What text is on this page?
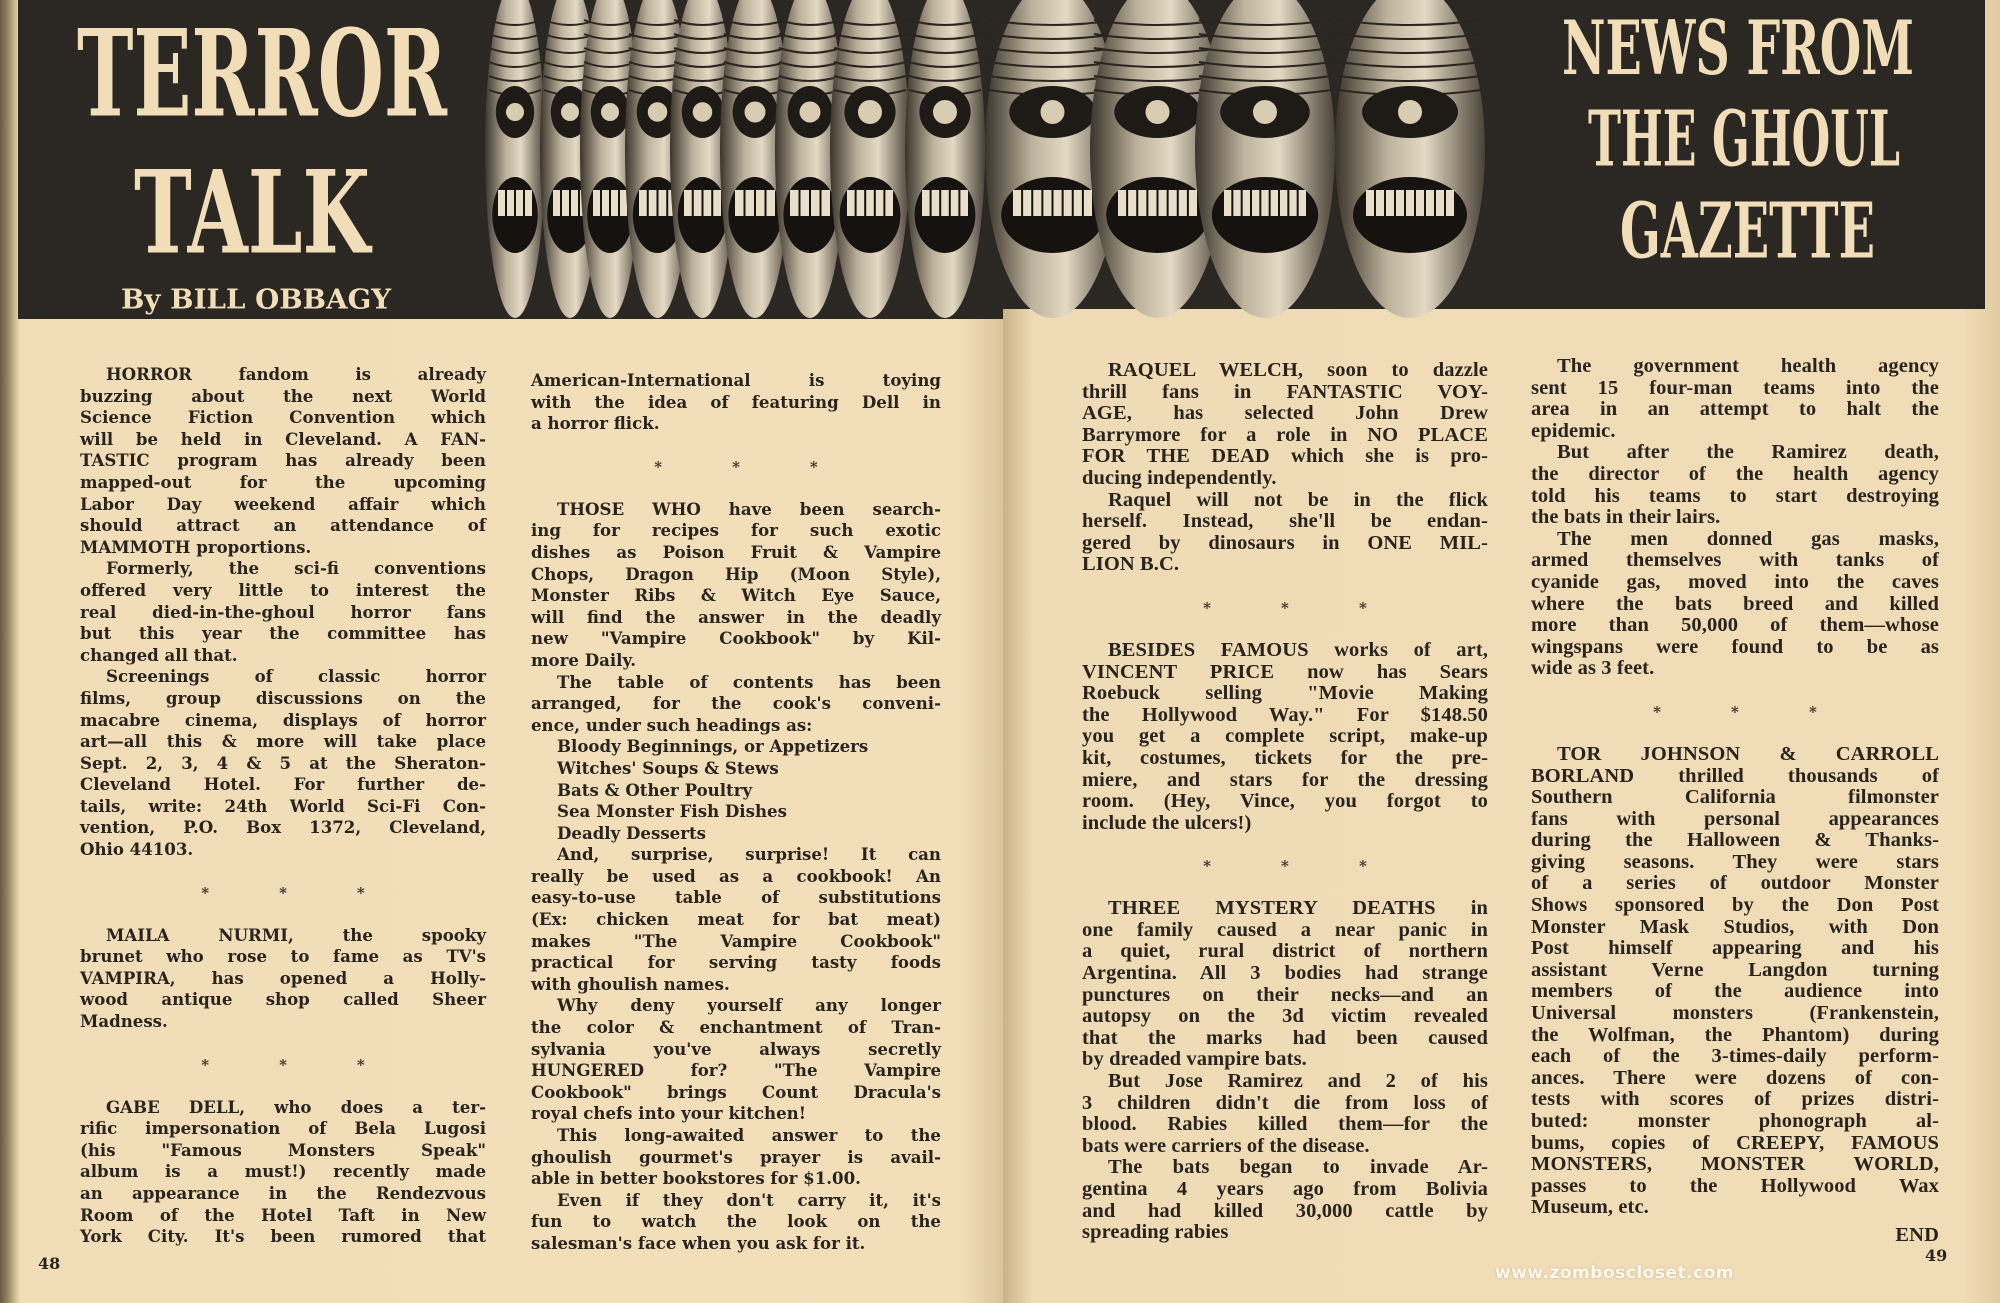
TERROR
TALK
By BILL OBBAGY
NEWS FROM
THE GHOUL
GAZETTE
HORROR fandom is already
buzzing about the next World
Science Fiction Convention which
will be held in Cleveland. A FAN-
TASTIC program has already been
mapped-out for the upcoming
Labor Day weekend affair which
should attract an attendance of
MAMMOTH proportions.
Formerly, the sci-fi conventions
offered very little to interest the
real died-in-the-ghoul horror fans
but this year the committee has
changed all that.
Screenings of classic horror
films, group discussions on the
macabre cinema, displays of horror
art—all this & more will take place
Sept. 2, 3, 4 & 5 at the Sheraton-
Cleveland Hotel. For further de-
tails, write: 24th World Sci-Fi Con-
vention, P.O. Box 1372, Cleveland,
Ohio 44103.
*	*	*
MAILA NURMI, the spooky
brunet who rose to fame as TV's
VAMPIRA, has opened a Holly-
wood antique shop called Sheer
Madness.
*	*	*
GABE DELL, who does a ter-
rific impersonation of Bela Lugosi
(his "Famous Monsters Speak"
album is a must!) recently made
an appearance in the Rendezvous
Room of the Hotel Taft in New
York City. It's been rumored that
American-International is toying
with the idea of featuring Dell in
a horror flick.
*	*	*
THOSE WHO have been search-
ing for recipes for such exotic
dishes as Poison Fruit & Vampire
Chops, Dragon Hip (Moon Style),
Monster Ribs & Witch Eye Sauce,
will find the answer in the deadly
new "Vampire Cookbook" by Kil-
more Daily.
The table of contents has been
arranged, for the cook's conveni-
ence, under such headings as:
Bloody Beginnings, or Appetizers
Witches' Soups & Stews
Bats & Other Poultry
Sea Monster Fish Dishes
Deadly Desserts
And, surprise, surprise! It can
really be used as a cookbook! An
easy-to-use table of substitutions
(Ex: chicken meat for bat meat)
makes "The Vampire Cookbook"
practical for serving tasty foods
with ghoulish names.
Why deny yourself any longer
the color & enchantment of Tran-
sylvania you've always secretly
HUNGERED for? "The Vampire
Cookbook" brings Count Dracula's
royal chefs into your kitchen!
This long-awaited answer to the
ghoulish gourmet's prayer is avail-
able in better bookstores for $1.00.
Even if they don't carry it, it's
fun to watch the look on the
salesman's face when you ask for it.
RAQUEL WELCH, soon to dazzle
thrill fans in FANTASTIC VOY-
AGE, has selected John Drew
Barrymore for a role in NO PLACE
FOR THE DEAD which she is pro-
ducing independently.
Raquel will not be in the flick
herself. Instead, she'll be endan-
gered by dinosaurs in ONE MIL-
LION B.C.
*	*	*
BESIDES FAMOUS works of art,
VINCENT PRICE now has Sears
Roebuck selling "Movie Making
the Hollywood Way." For $148.50
you get a complete script, make-up
kit, costumes, tickets for the pre-
miere, and stars for the dressing
room. (Hey, Vince, you forgot to
include the ulcers!)
*	*	*
THREE MYSTERY DEATHS in
one family caused a near panic in
a quiet, rural district of northern
Argentina. All 3 bodies had strange
punctures on their necks—and an
autopsy on the 3d victim revealed
that the marks had been caused
by dreaded vampire bats.
But Jose Ramirez and 2 of his
3 children didn't die from loss of
blood. Rabies killed them—for the
bats were carriers of the disease.
The bats began to invade Ar-
gentina 4 years ago from Bolivia
and had killed 30,000 cattle by
spreading rabies
The government health agency
sent 15 four-man teams into the
area in an attempt to halt the
epidemic.
But after the Ramirez death,
the director of the health agency
told his teams to start destroying
the bats in their lairs.
The men donned gas masks,
armed themselves with tanks of
cyanide gas, moved into the caves
where the bats breed and killed
more than 50,000 of them—whose
wingspans were found to be as
wide as 3 feet.
*	*	*
TOR JOHNSON & CARROLL
BORLAND thrilled thousands of
Southern California filmonster
fans with personal appearances
during the Halloween & Thanks-
giving seasons. They were stars
of a series of outdoor Monster
Shows sponsored by the Don Post
Monster Mask Studios, with Don
Post himself appearing and his
assistant Verne Langdon turning
members of the audience into
Universal monsters (Frankenstein,
the Wolfman, the Phantom) during
each of the 3-times-daily perform-
ances. There were dozens of con-
tests with scores of prizes distri-
buted: monster phonograph al-
bums, copies of CREEPY, FAMOUS
MONSTERS, MONSTER WORLD,
passes to the Hollywood Wax
Museum, etc.
END
48	49
www.zomboscloset.com
